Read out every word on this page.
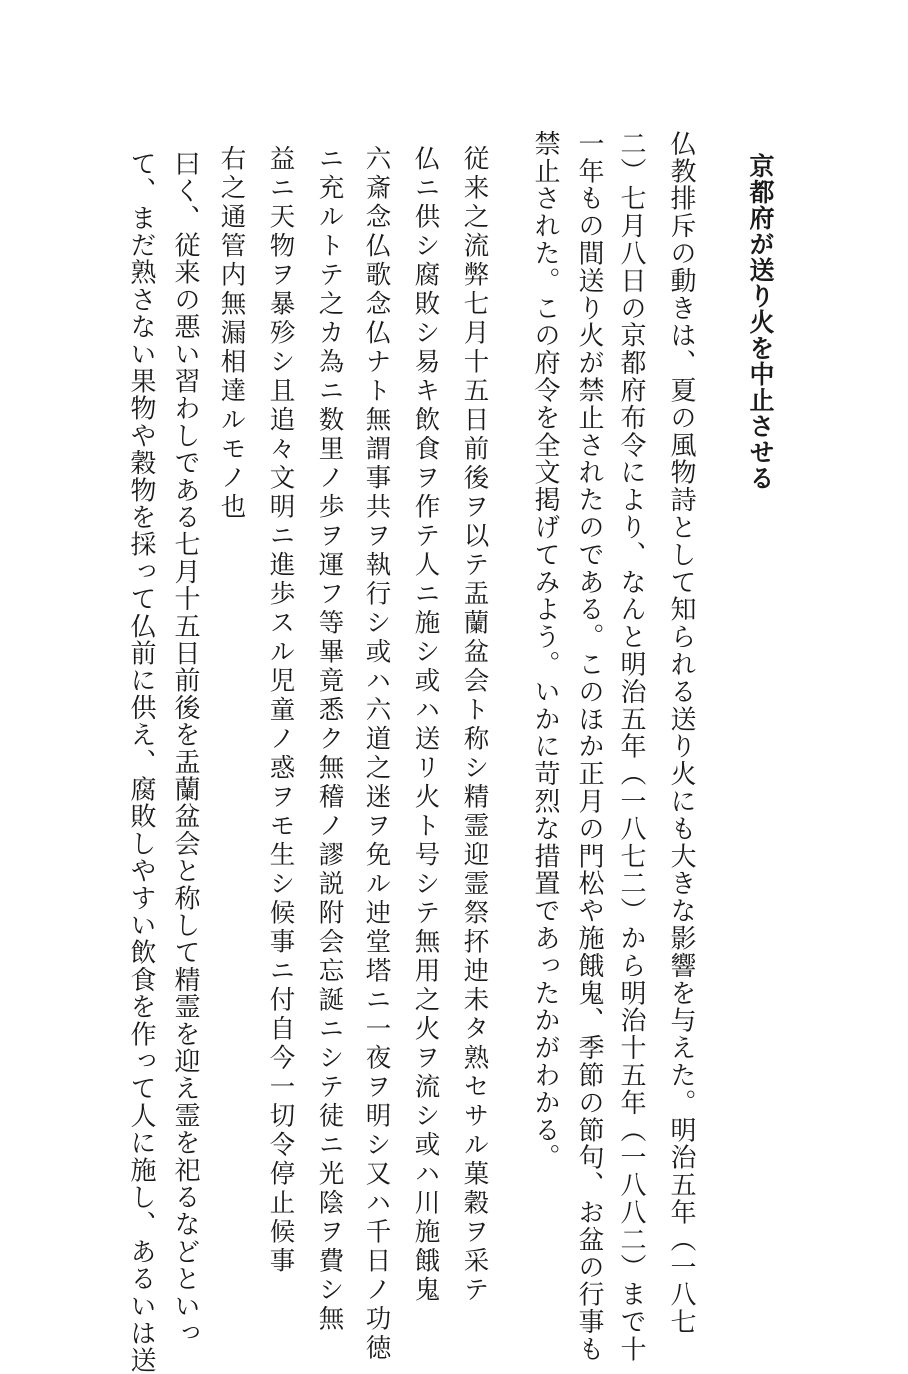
京都府が送り火を中止させる
仏教排斥の動きは、夏の風物詩として知られる送り火にも大きな影響を与えた。明治五年（一八七
二）七月八日の京都府布令により、なんと明治五年（一八七二）から明治十五年（一八八二）まで十
一年もの間送り火が禁止されたのである。このほか正月の門松や施餓鬼、季節の節句、お盆の行事も
禁止された。この府令を全文掲げてみよう。いかに苛烈な措置であったかがわかる。
従来之流弊七月十五日前後ヲ以テ盂蘭盆会ト称シ精霊迎霊祭抔迚未タ熟セサル菓穀ヲ采テ
仏ニ供シ腐敗シ易キ飲食ヲ作テ人ニ施シ或ハ送リ火ト号シテ無用之火ヲ流シ或ハ川施餓鬼
六斎念仏歌念仏ナト無謂事共ヲ執行シ或ハ六道之迷ヲ免ル迚堂塔ニ一夜ヲ明シ又ハ千日ノ功徳
ニ充ルトテ之カ為ニ数里ノ歩ヲ運フ等畢竟悉ク無稽ノ謬説附会忘誕ニシテ徒ニ光陰ヲ費シ無
益ニ天物ヲ暴殄シ且追々文明ニ進歩スル児童ノ惑ヲモ生シ候事ニ付自今一切令停止候事
右之通管内無漏相達ルモノ也
曰く、従来の悪い習わしである七月十五日前後を盂蘭盆会と称して精霊を迎え霊を祀るなどといっ
て、まだ熟さない果物や穀物を採って仏前に供え、腐敗しやすい飲食を作って人に施し、あるいは送
